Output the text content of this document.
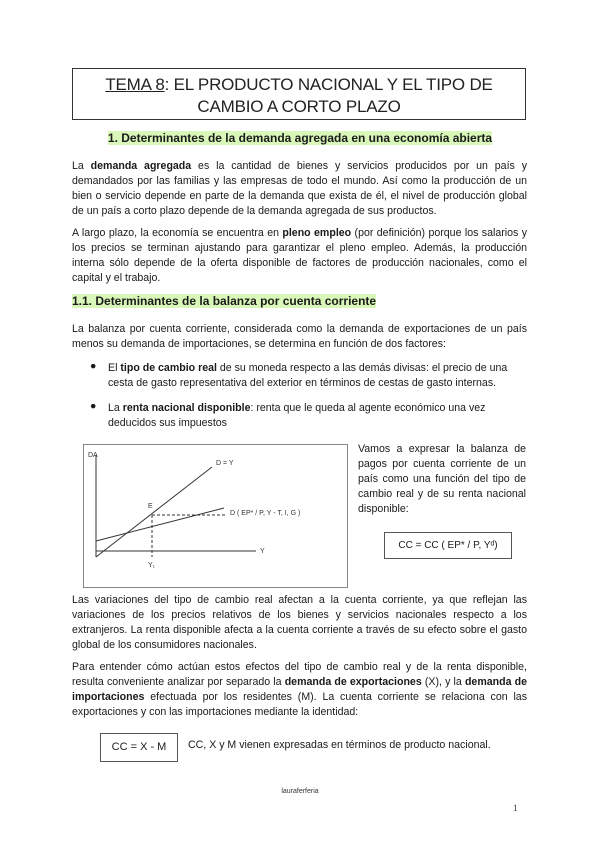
TEMA 8: EL PRODUCTO NACIONAL Y EL TIPO DE
CAMBIO A CORTO PLAZO
1. Determinantes de la demanda agregada en una economía abierta

La demanda agregada es la cantidad de bienes y servicios producidos por un país y demandados por las familias y las empresas de todo el mundo. Así como la producción de un bien o servicio depende en parte de la demanda que exista de él, el nivel de producción global de un país a corto plazo depende de la demanda agregada de sus productos.

A largo plazo, la economía se encuentra en pleno empleo (por definición) porque los salarios y los precios se terminan ajustando para garantizar el pleno empleo. Además, la producción interna sólo depende de la oferta disponible de factores de producción nacionales, como el capital y el trabajo.

1.1. Determinantes de la balanza por cuenta corriente

La balanza por cuenta corriente, considerada como la demanda de exportaciones de un país menos su demanda de importaciones, se determina en función de dos factores:

● El tipo de cambio real de su moneda respecto a las demás divisas: el precio de una cesta de gasto representativa del exterior en términos de cestas de gasto internas.

● La renta nacional disponible: renta que le queda al agente económico una vez deducidos sus impuestos

DA
D = Y
D ( EP* / P, Y - T, I, G )
E
Y
Y₁

Vamos a expresar la balanza de pagos por cuenta corriente de un país como una función del tipo de cambio real y de su renta nacional disponible:

CC = CC ( EP* / P, Yᵈ)

Las variaciones del tipo de cambio real afectan a la cuenta corriente, ya que reflejan las variaciones de los precios relativos de los bienes y servicios nacionales respecto a los extranjeros. La renta disponible afecta a la cuenta corriente a través de su efecto sobre el gasto global de los consumidores nacionales.

Para entender cómo actúan estos efectos del tipo de cambio real y de la renta disponible, resulta conveniente analizar por separado la demanda de exportaciones (X), y la demanda de importaciones efectuada por los residentes (M). La cuenta corriente se relaciona con las exportaciones y con las importaciones mediante la identidad:

CC = X - M	CC, X y M vienen expresadas en términos de producto nacional.
lauraferferia
1
